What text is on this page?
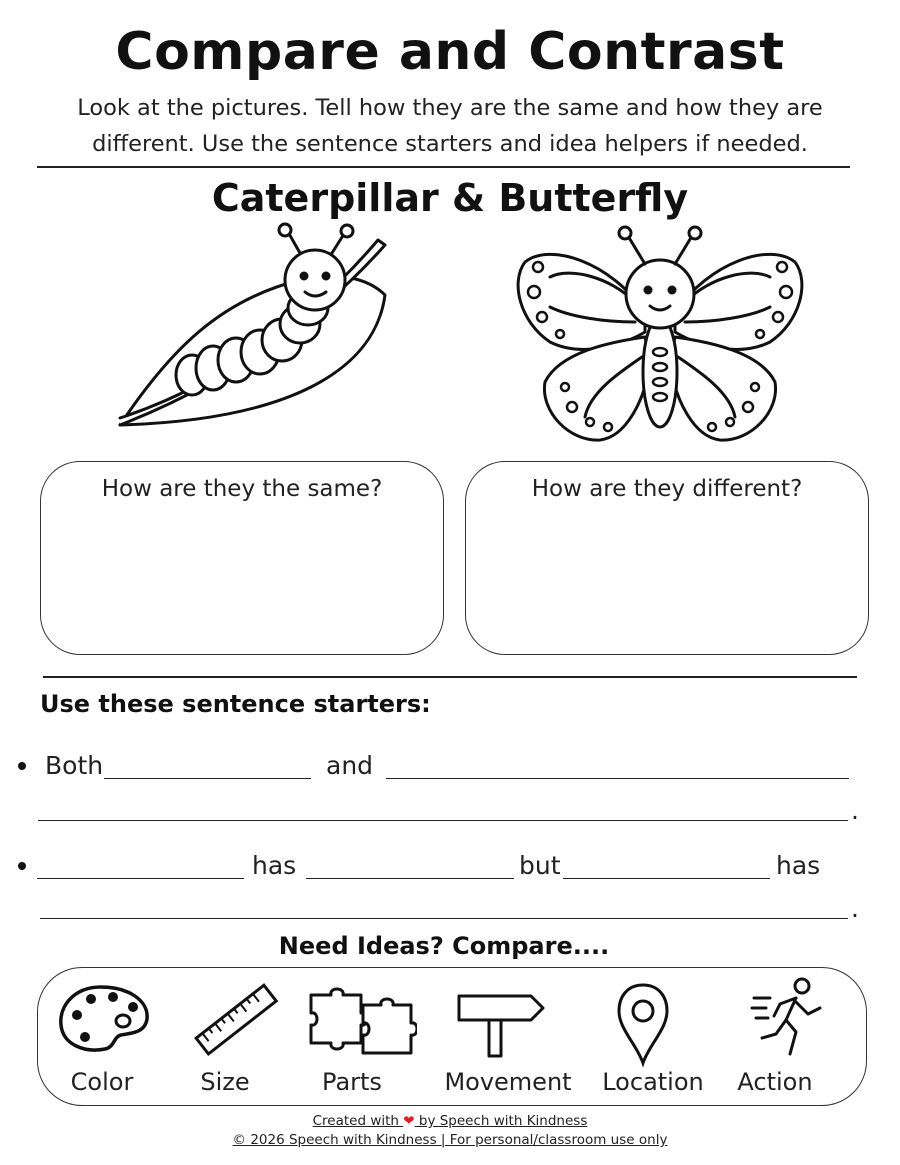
Compare and Contrast
Look at the pictures. Tell how they are the same and how they are different. Use the sentence starters and idea helpers if needed.
Caterpillar & Butterfly
How are they the same?	How are they different?
Use these sentence starters:
Both	and
.
has	but	has
.
Need Ideas? Compare....
Color	Size	Parts	Movement	Location	Action
Created with ❤ by Speech with Kindness
© 2026 Speech with Kindness | For personal/classroom use only
